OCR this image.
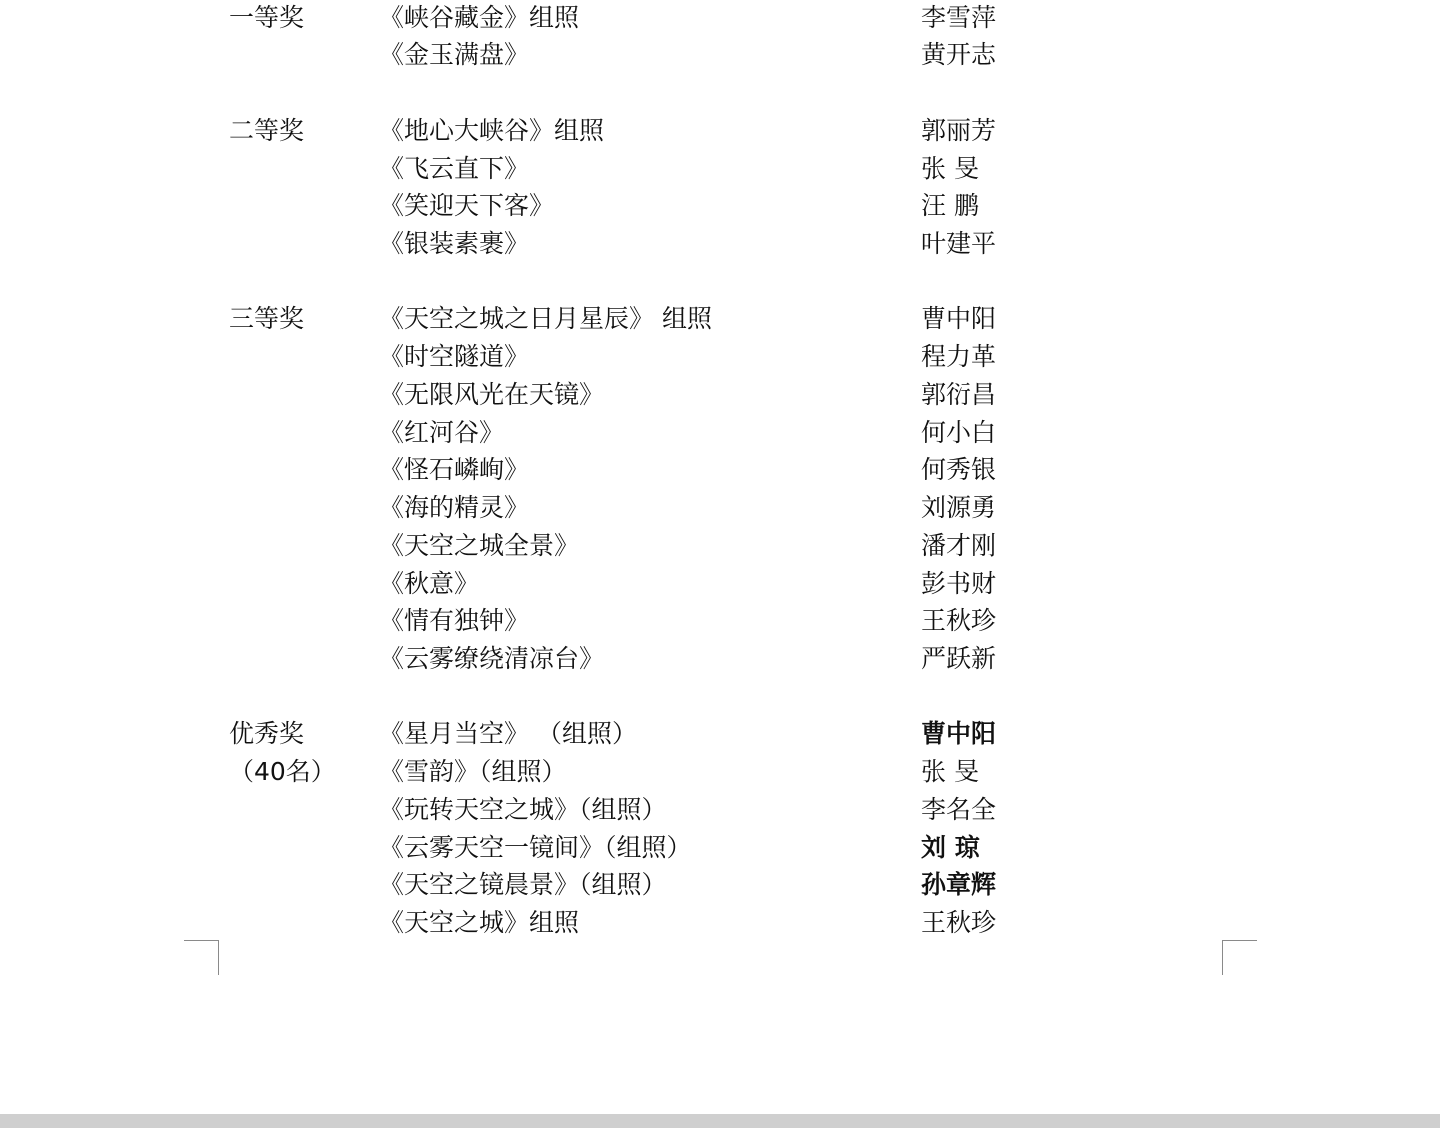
一等奖	《峡谷藏金》组照	李雪萍
《金玉满盘》	黄开志
二等奖	《地心大峡谷》组照	郭丽芳
《飞云直下》	张 旻
《笑迎天下客》	汪 鹏
《银装素裹》	叶建平
三等奖	《天空之城之日月星辰》 组照	曹中阳
《时空隧道》	程力革
《无限风光在天镜》	郭衍昌
《红河谷》	何小白
《怪石嶙峋》	何秀银
《海的精灵》	刘源勇
《天空之城全景》	潘才刚
《秋意》	彭书财
《情有独钟》	王秋珍
《云雾缭绕清凉台》	严跃新
优秀奖
（40名）
《星月当空》 （组照）	曹中阳
《雪韵》（组照）	张 旻
《玩转天空之城》（组照）	李名全
《云雾天空一镜间》（组照）	刘 琼
《天空之镜晨景》（组照）	孙章辉
《天空之城》组照	王秋珍
